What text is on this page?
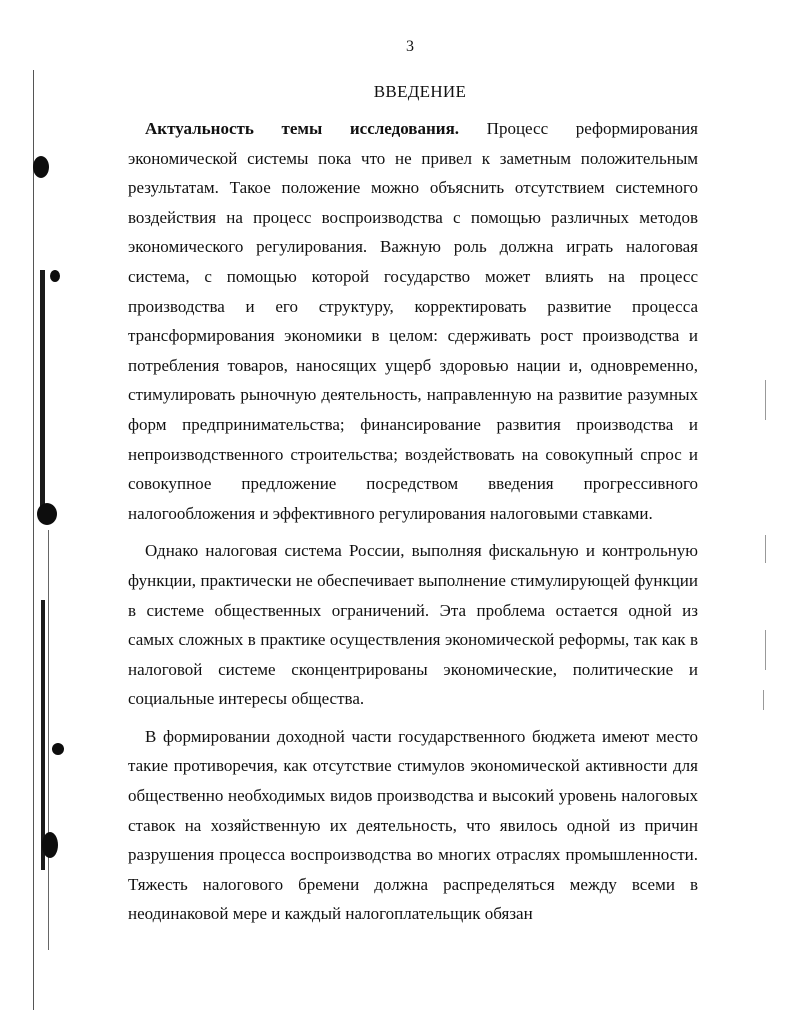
3
ВВЕДЕНИЕ

Актуальность темы исследования. Процесс реформирования экономической системы пока что не привел к заметным положительным результатам. Такое положение можно объяснить отсутствием системного воздействия на процесс воспроизводства с помощью различных методов экономического регулирования. Важную роль должна играть налоговая система, с помощью которой государство может влиять на процесс производства и его структуру, корректировать развитие процесса трансформирования экономики в целом: сдерживать рост производства и потребления товаров, наносящих ущерб здоровью нации и, одновременно, стимулировать рыночную деятельность, направленную на развитие разумных форм предпринимательства; финансирование развития производства и непроизводственного строительства; воздействовать на совокупный спрос и совокупное предложение посредством введения прогрессивного налогообложения и эффективного регулирования налоговыми ставками.

Однако налоговая система России, выполняя фискальную и контрольную функции, практически не обеспечивает выполнение стимулирующей функции в системе общественных ограничений. Эта проблема остается одной из самых сложных в практике осуществления экономической реформы, так как в налоговой системе сконцентрированы экономические, политические и социальные интересы общества.

В формировании доходной части государственного бюджета имеют место такие противоречия, как отсутствие стимулов экономической активности для общественно необходимых видов производства и высокий уровень налоговых ставок на хозяйственную их деятельность, что явилось одной из причин разрушения процесса воспроизводства во многих отраслях промышленности. Тяжесть налогового бремени должна распределяться между всеми в неодинаковой мере и каждый налогоплательщик обязан
